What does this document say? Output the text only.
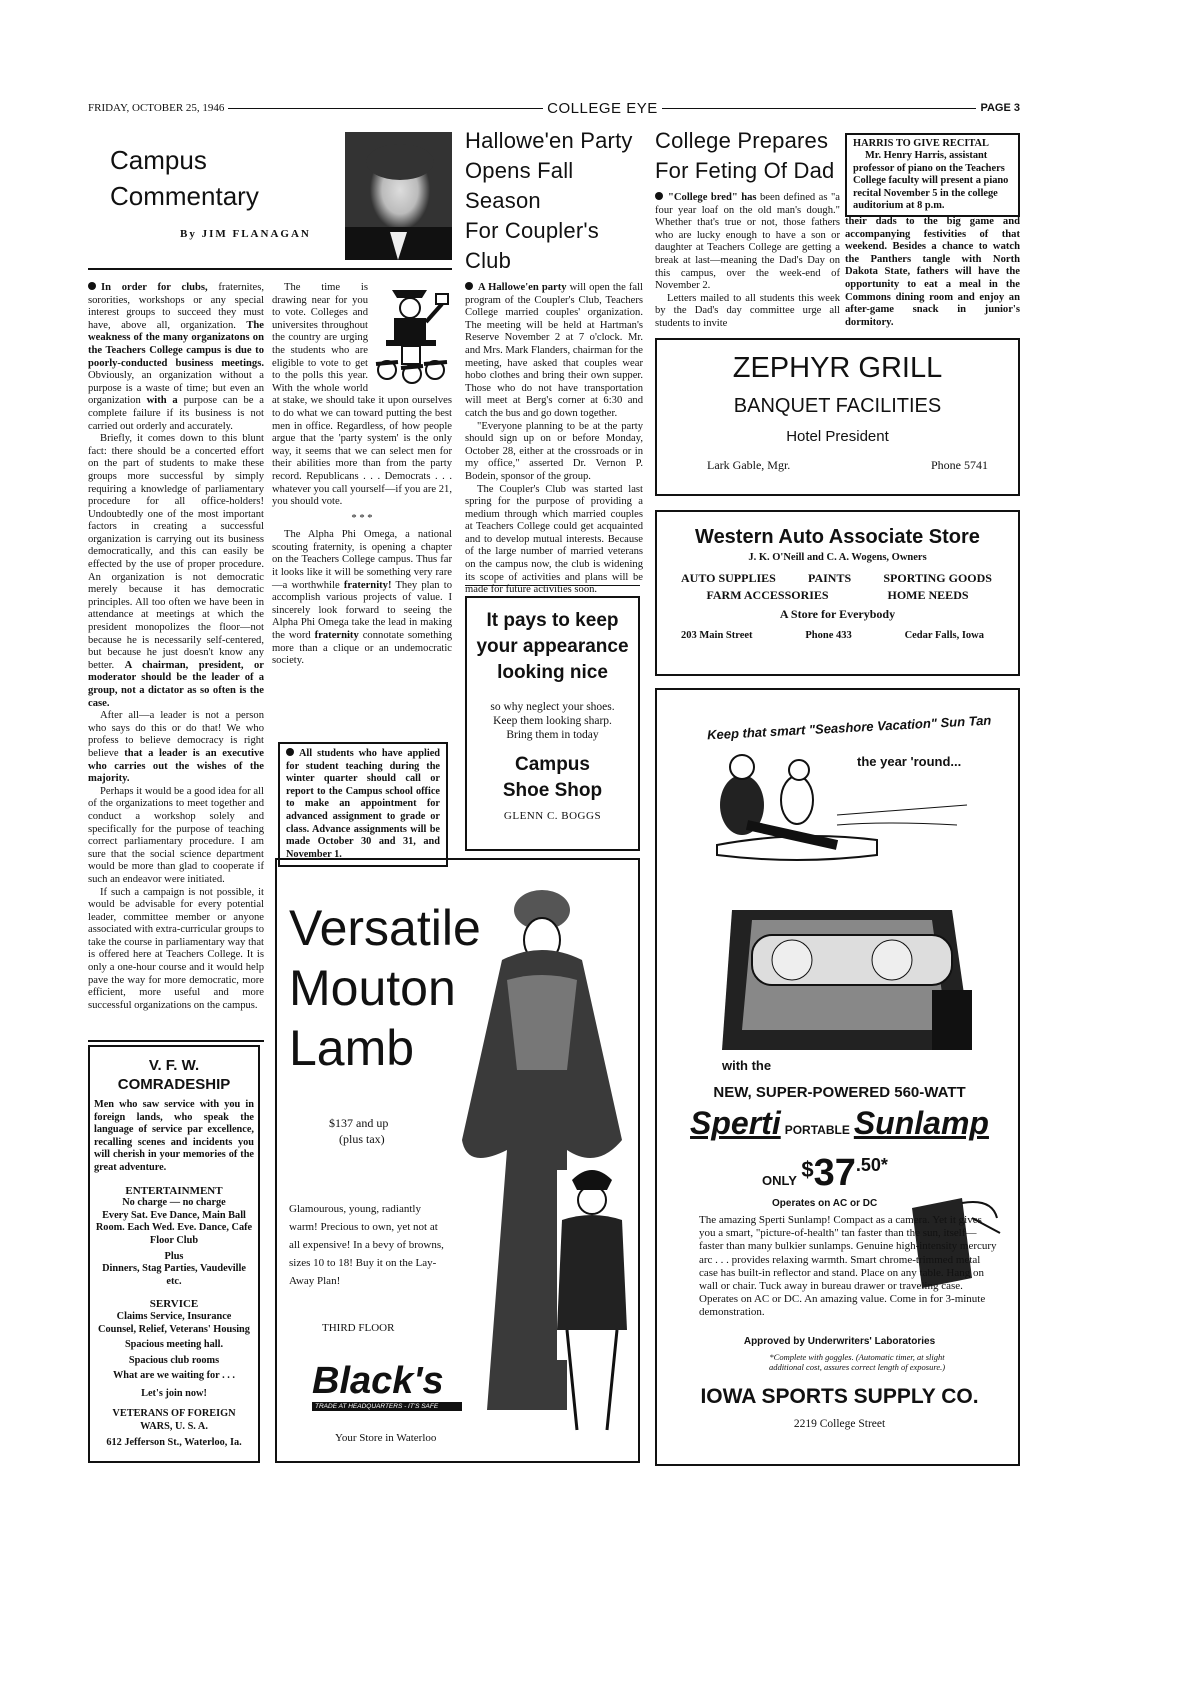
FRIDAY, OCTOBER 25, 1946	COLLEGE EYE	PAGE 3
Campus
Commentary
By JIM FLANAGAN

In order for clubs, fraternites, sororities, workshops or any special interest groups to succeed they must have, above all, organization. The weakness of the many organizatons on the Teachers College campus is due to poorly-conducted business meetings. Obviously, an organization without a purpose is a waste of time; but even an organization with a purpose can be a complete failure if its business is not carried out orderly and accurately.

Briefly, it comes down to this blunt fact: there should be a concerted effort on the part of students to make these groups more successful by simply requiring a knowledge of parliamentary procedure for all office-holders! Undoubtedly one of the most important factors in creating a successful organization is carrying out its business democratically, and this can easily be effected by the use of proper procedure. An organization is not democratic merely because it has democratic principles. All too often we have been in attendance at meetings at which the president monopolizes the floor—not because he is necessarily self-centered, but because he just doesn't know any better. A chairman, president, or moderator should be the leader of a group, not a dictator as so often is the case.

After all—a leader is not a person who says do this or do that! We who profess to believe democracy is right believe that a leader is an executive who carries out the wishes of the majority.

Perhaps it would be a good idea for all of the organizations to meet together and conduct a workshop solely and specifically for the purpose of teaching correct parliamentary procedure. I am sure that the social science department would be more than glad to cooperate if such an endeavor were initiated.

If such a campaign is not possible, it would be advisable for every potential leader, committee member or anyone associated with extra-curricular groups to take the course in parliamentary way that is offered here at Teachers College. It is only a one-hour course and it would help pave the way for more democratic, more efficient, more useful and more successful organizations on the campus.

The time is drawing near for you to vote. Colleges and universites throughout the country are urging the students who are eligible to vote to get to the polls this year. With the whole world at stake, we should take it upon ourselves to do what we can toward putting the best men in office. Regardless, of how people argue that the 'party system' is the only way, it seems that we can select men for their abilities more than from the party record. Republicans . . . Democrats . . . whatever you call yourself—if you are 21, you should vote.

* * *

The Alpha Phi Omega, a national scouting fraternity, is opening a chapter on the Teachers College campus. Thus far it looks like it will be something very rare—a worthwhile fraternity! They plan to accomplish various projects of value. I sincerely look forward to seeing the Alpha Phi Omega take the lead in making the word fraternity connotate something more than a clique or an undemocratic society.

All students who have applied for student teaching during the winter quarter should call or report to the Campus school office to make an appointment for advanced assignment to grade or class. Advance assignments will be made October 30 and 31, and November 1.
Hallowe'en Party
Opens Fall Season
For Coupler's Club

A Hallowe'en party will open the fall program of the Coupler's Club, Teachers College married couples' organization. The meeting will be held at Hartman's Reserve November 2 at 7 o'clock. Mr. and Mrs. Mark Flanders, chairman for the meeting, have asked that couples wear hobo clothes and bring their own supper. Those who do not have transportation will meet at Berg's corner at 6:30 and catch the bus and go down together.

"Everyone planning to be at the party should sign up on or before Monday, October 28, either at the crossroads or in my office," asserted Dr. Vernon P. Bodein, sponsor of the group.

The Coupler's Club was started last spring for the purpose of providing a medium through which married couples at Teachers College could get acquainted and to develop mutual interests. Because of the large number of married veterans on the campus now, the club is widening its scope of activities and plans will be made for future activities soon.

It pays to keep
your appearance
looking nice
so why neglect your shoes.
Keep them looking sharp.
Bring them in today
Campus
Shoe Shop
GLENN C. BOGGS
College Prepares
For Feting Of Dad

"College bred" has been defined as "a four year loaf on the old man's dough." Whether that's true or not, those fathers who are lucky enough to have a son or daughter at Teachers College are getting a break at last—meaning the Dad's Day on this campus, over the week-end of November 2.

Letters mailed to all students this week by the Dad's day committee urge all students to invite

HARRIS TO GIVE RECITAL
Mr. Henry Harris, assistant professor of piano on the Teachers College faculty will present a piano recital November 5 in the college auditorium at 8 p.m.

their dads to the big game and accompanying festivities of that weekend. Besides a chance to watch the Panthers tangle with North Dakota State, fathers will have the opportunity to eat a meal in the Commons dining room and enjoy an after-game snack in junior's dormitory.

ZEPHYR GRILL
BANQUET FACILITIES
Hotel President
Lark Gable, Mgr.	Phone 5741
Western Auto Associate Store
J. K. O'Neill and C. A. Wogens, Owners
AUTO SUPPLIES	PAINTS	SPORTING GOODS
FARM ACCESSORIES	HOME NEEDS
A Store for Everybody
203 Main Street	Phone 433	Cedar Falls, Iowa
Keep that smart "Seashore Vacation" Sun Tan
the year 'round...
with the
NEW, SUPER-POWERED 560-WATT
Sperti PORTABLE Sunlamp
ONLY $37.50*
Operates on AC or DC
The amazing Sperti Sunlamp! Compact as a camera. Yet it gives you a smart, "picture-of-health" tan faster than the sun, itself—faster than many bulkier sunlamps. Genuine high-intensity mercury arc . . . provides relaxing warmth. Smart chrome-trimmed metal case has built-in reflector and stand. Place on any table. Hang on wall or chair. Tuck away in bureau drawer or traveling case. Operates on AC or DC. An amazing value. Come in for 3-minute demonstration.
Approved by Underwriters' Laboratories
*Complete with goggles. (Automatic timer, at slight additional cost, assures correct length of exposure.)
IOWA SPORTS SUPPLY CO.
2219 College Street
V. F. W.
COMRADESHIP
Men who saw service with you in foreign lands, who speak the language of service par excellence, recalling scenes and incidents you will cherish in your memories of the great adventure.
ENTERTAINMENT
No charge — no charge
Every Sat. Eve Dance, Main Ball Room. Each Wed. Eve. Dance, Cafe Floor Club
Plus
Dinners, Stag Parties, Vaudeville etc.
SERVICE
Claims Service, Insurance
Counsel, Relief, Veterans' Housing
Spacious meeting hall.
Spacious club rooms
What are we waiting for . . .
Let's join now!
VETERANS OF FOREIGN WARS, U. S. A.
612 Jefferson St., Waterloo, Ia.
Versatile
Mouton
Lamb
$137 and up
(plus tax)
Glamourous, young, radiantly warm! Precious to own, yet not at all expensive! In a bevy of browns, sizes 10 to 18! Buy it on the Lay-Away Plan!
THIRD FLOOR
Black's
TRADE AT HEADQUARTERS - IT'S SAFE
Your Store in Waterloo
